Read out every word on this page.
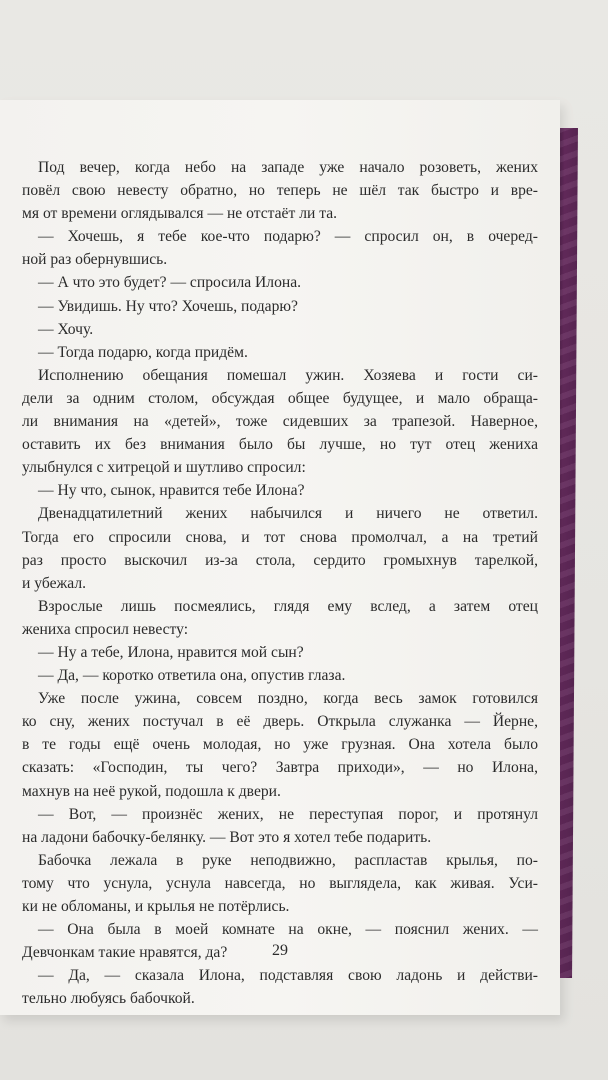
Под вечер, когда небо на западе уже начало розоветь, жених
повёл свою невесту обратно, но теперь не шёл так быстро и вре-
мя от времени оглядывался — не отстаёт ли та.
— Хочешь, я тебе кое-что подарю? — спросил он, в очеред-
ной раз обернувшись.
— А что это будет? — спросила Илона.
— Увидишь. Ну что? Хочешь, подарю?
— Хочу.
— Тогда подарю, когда придём.
Исполнению обещания помешал ужин. Хозяева и гости си-
дели за одним столом, обсуждая общее будущее, и мало обраща-
ли внимания на «детей», тоже сидевших за трапезой. Наверное,
оставить их без внимания было бы лучше, но тут отец жениха
улыбнулся с хитрецой и шутливо спросил:
— Ну что, сынок, нравится тебе Илона?
Двенадцатилетний жених набычился и ничего не ответил.
Тогда его спросили снова, и тот снова промолчал, а на третий
раз просто выскочил из-за стола, сердито громыхнув тарелкой,
и убежал.
Взрослые лишь посмеялись, глядя ему вслед, а затем отец
жениха спросил невесту:
— Ну а тебе, Илона, нравится мой сын?
— Да, — коротко ответила она, опустив глаза.
Уже после ужина, совсем поздно, когда весь замок готовился
ко сну, жених постучал в её дверь. Открыла служанка — Йерне,
в те годы ещё очень молодая, но уже грузная. Она хотела было
сказать: «Господин, ты чего? Завтра приходи», — но Илона,
махнув на неё рукой, подошла к двери.
— Вот, — произнёс жених, не переступая порог, и протянул
на ладони бабочку-белянку. — Вот это я хотел тебе подарить.
Бабочка лежала в руке неподвижно, распластав крылья, по-
тому что уснула, уснула навсегда, но выглядела, как живая. Уси-
ки не обломаны, и крылья не потёрлись.
— Она была в моей комнате на окне, — пояснил жених. —
Девчонкам такие нравятся, да?
— Да, — сказала Илона, подставляя свою ладонь и действи-
тельно любуясь бабочкой.
29
